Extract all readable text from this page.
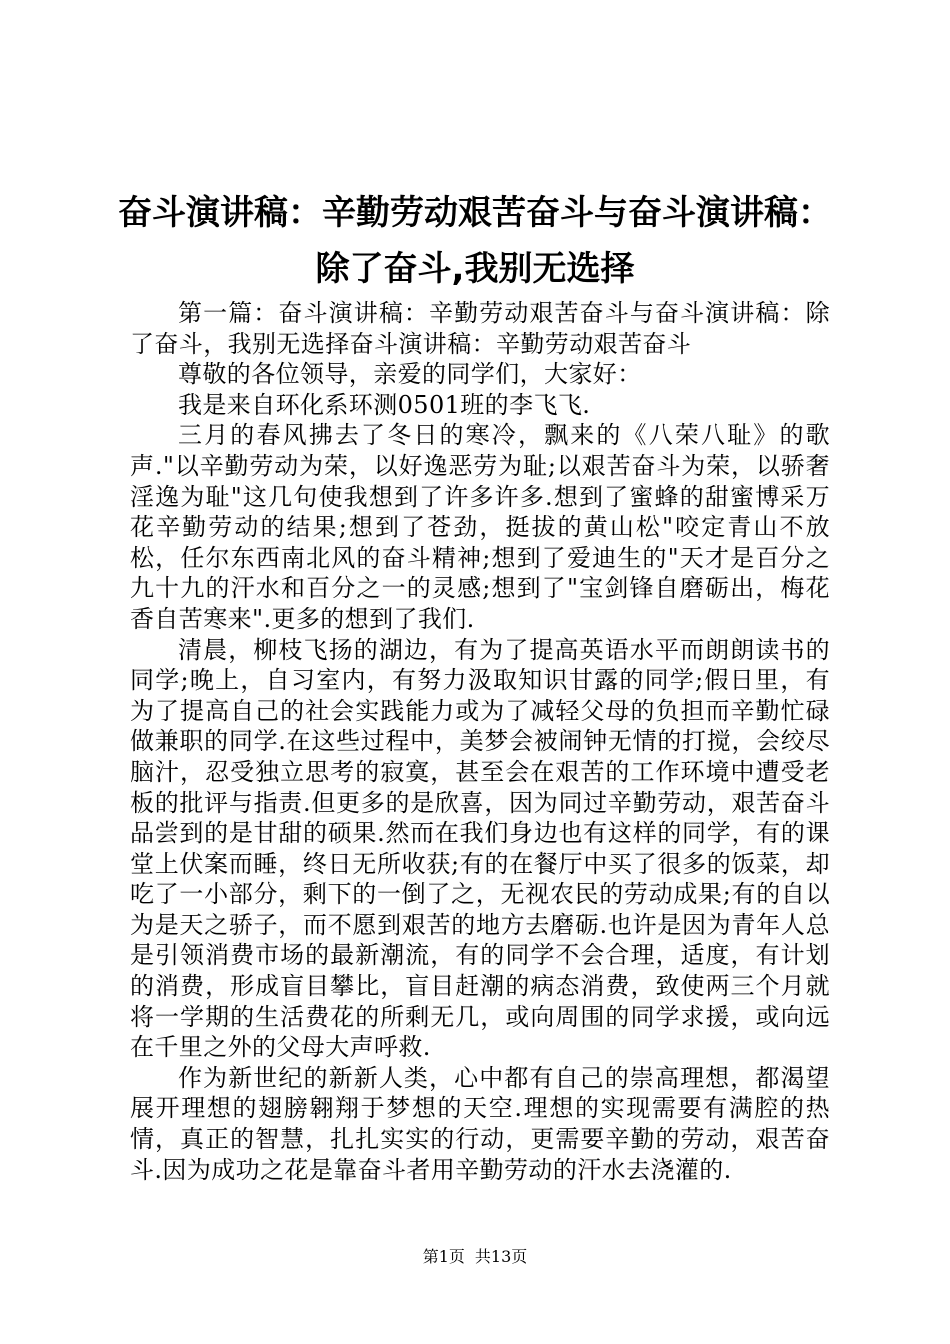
奋斗演讲稿：辛勤劳动艰苦奋斗与奋斗演讲稿：
除了奋斗,我别无选择

第一篇：奋斗演讲稿：辛勤劳动艰苦奋斗与奋斗演讲稿：除了奋斗，我别无选择奋斗演讲稿：辛勤劳动艰苦奋斗

尊敬的各位领导，亲爱的同学们，大家好：

我是来自环化系环测0501班的李飞飞.

三月的春风拂去了冬日的寒冷，飘来的《八荣八耻》的歌声."以辛勤劳动为荣，以好逸恶劳为耻;以艰苦奋斗为荣，以骄奢淫逸为耻"这几句使我想到了许多许多.想到了蜜蜂的甜蜜博采万花辛勤劳动的结果;想到了苍劲，挺拔的黄山松"咬定青山不放松，任尔东西南北风的奋斗精神;想到了爱迪生的"天才是百分之九十九的汗水和百分之一的灵感;想到了"宝剑锋自磨砺出，梅花香自苦寒来".更多的想到了我们.

清晨，柳枝飞扬的湖边，有为了提高英语水平而朗朗读书的同学;晚上，自习室内，有努力汲取知识甘露的同学;假日里，有为了提高自己的社会实践能力或为了减轻父母的负担而辛勤忙碌做兼职的同学.在这些过程中，美梦会被闹钟无情的打搅，会绞尽脑汁，忍受独立思考的寂寞，甚至会在艰苦的工作环境中遭受老板的批评与指责.但更多的是欣喜，因为同过辛勤劳动，艰苦奋斗品尝到的是甘甜的硕果.然而在我们身边也有这样的同学，有的课堂上伏案而睡，终日无所收获;有的在餐厅中买了很多的饭菜，却吃了一小部分，剩下的一倒了之，无视农民的劳动成果;有的自以为是天之骄子，而不愿到艰苦的地方去磨砺.也许是因为青年人总是引领消费市场的最新潮流，有的同学不会合理，适度，有计划的消费，形成盲目攀比，盲目赶潮的病态消费，致使两三个月就将一学期的生活费花的所剩无几，或向周围的同学求援，或向远在千里之外的父母大声呼救.

作为新世纪的新新人类，心中都有自己的崇高理想，都渴望展开理想的翅膀翱翔于梦想的天空.理想的实现需要有满腔的热情，真正的智慧，扎扎实实的行动，更需要辛勤的劳动，艰苦奋斗.因为成功之花是靠奋斗者用辛勤劳动的汗水去浇灌的.

第1页 共13页
